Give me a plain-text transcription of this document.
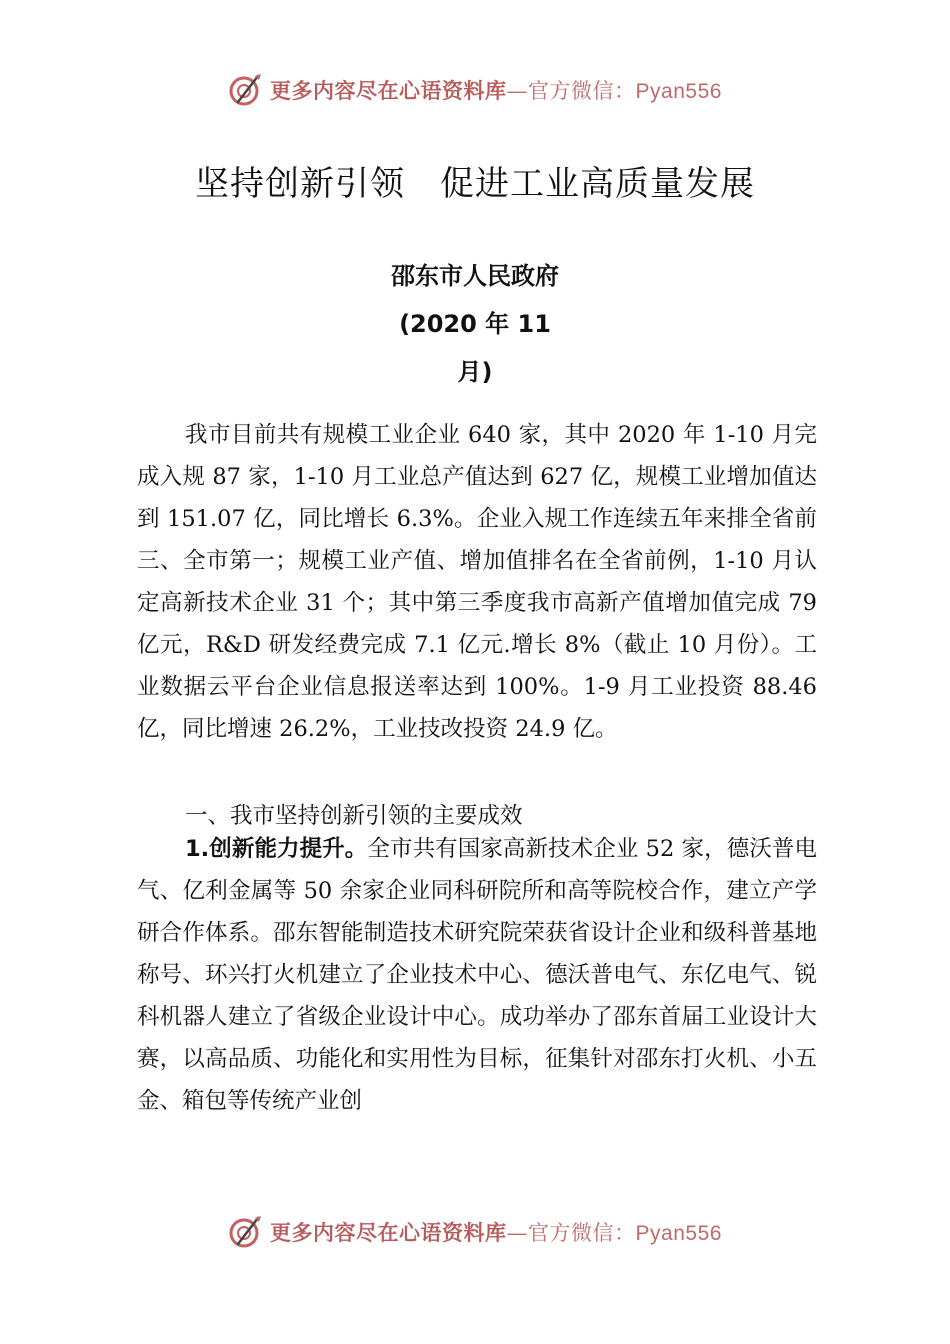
更多内容尽在心语资料库—官方微信：Pyan556
坚持创新引领　促进工业高质量发展

邵东市人民政府

(2020 年 11

月)

我市目前共有规模工业企业 640 家，其中 2020 年 1-10 月完成入规 87 家，1-10 月工业总产值达到 627 亿，规模工业增加值达到 151.07 亿，同比增长 6.3%。企业入规工作连续五年来排全省前三、全市第一；规模工业产值、增加值排名在全省前例，1-10 月认定高新技术企业 31 个；其中第三季度我市高新产值增加值完成 79 亿元，R&D 研发经费完成 7.1 亿元.增长 8%（截止 10 月份）。工业数据云平台企业信息报送率达到 100%。1-9 月工业投资 88.46 亿，同比增速 26.2%，工业技改投资 24.9 亿。

一、我市坚持创新引领的主要成效

1.创新能力提升。全市共有国家高新技术企业 52 家，德沃普电气、亿利金属等 50 余家企业同科研院所和高等院校合作，建立产学研合作体系。邵东智能制造技术研究院荣获省设计企业和级科普基地称号、环兴打火机建立了企业技术中心、德沃普电气、东亿电气、锐科机器人建立了省级企业设计中心。成功举办了邵东首届工业设计大赛，以高品质、功能化和实用性为目标，征集针对邵东打火机、小五金、箱包等传统产业创

更多内容尽在心语资料库—官方微信：Pyan556
